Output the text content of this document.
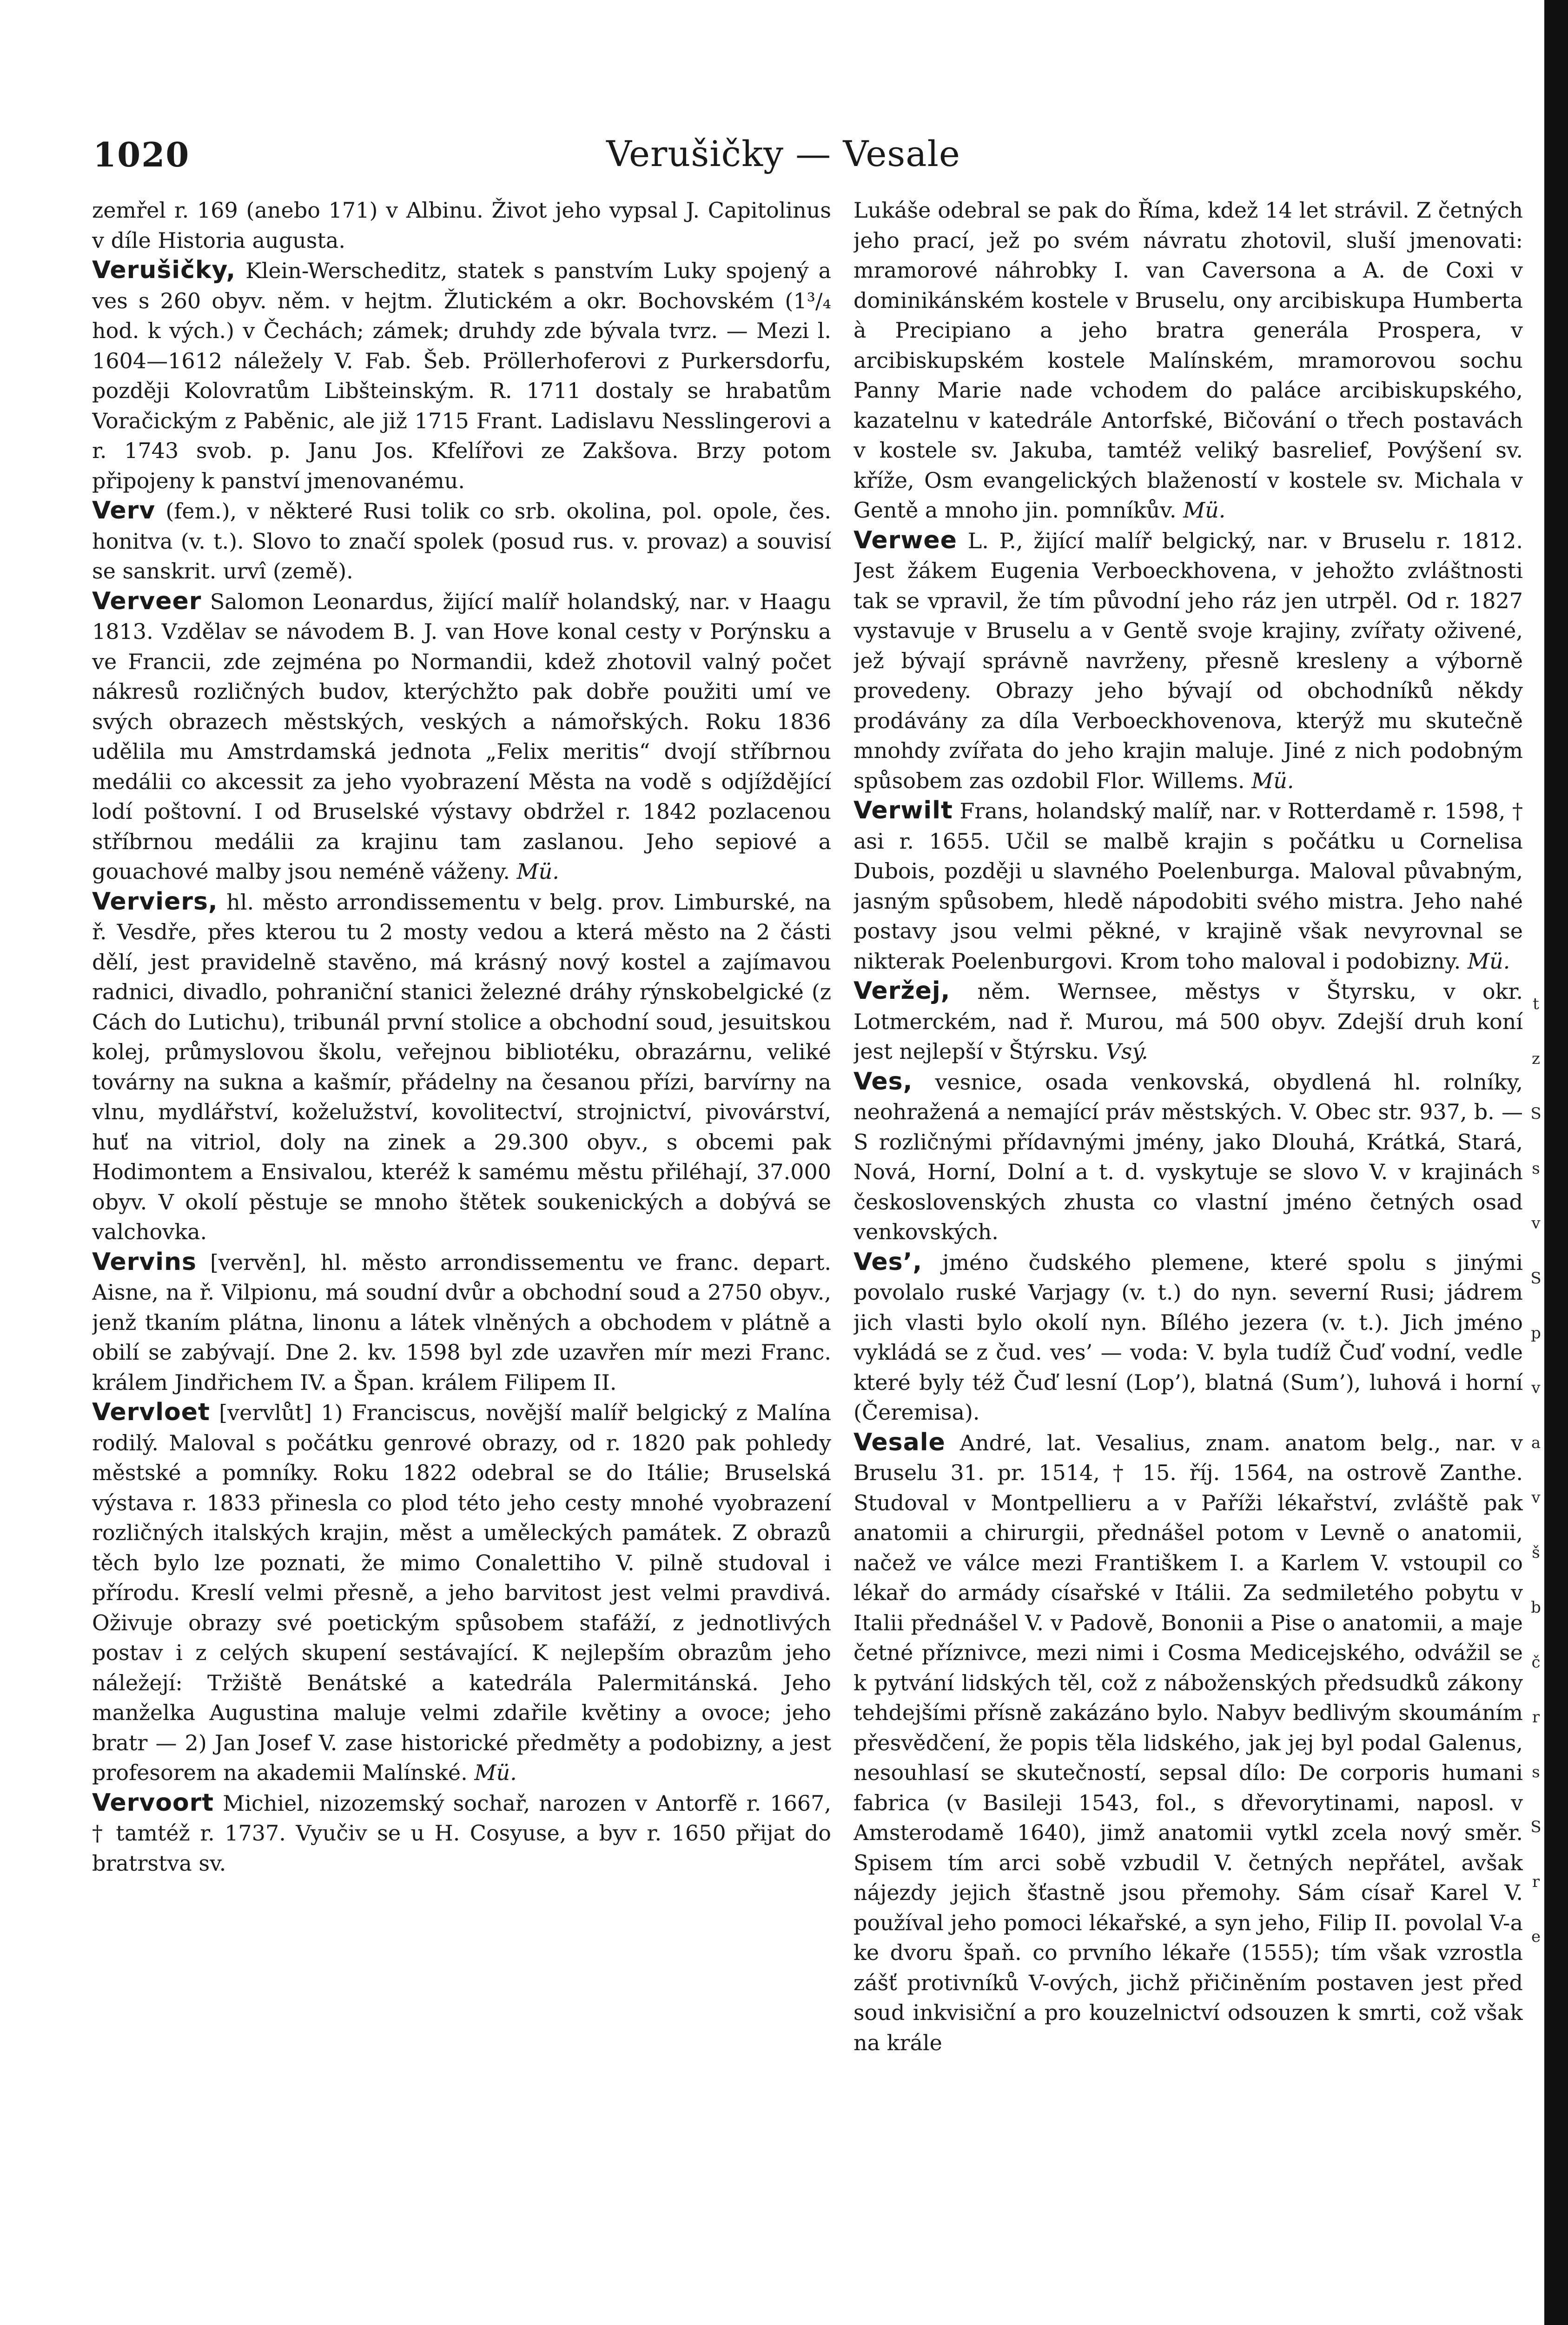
t
z
S
s
v
S
p
v
a
v
š
b
č
r
s
S
r
e
1020	Verušičky — Vesale

zemřel r. 169 (anebo 171) v Albinu. Život jeho vypsal J. Capitolinus v díle Historia augusta.

Verušičky, Klein-Werscheditz, statek s panstvím Luky spojený a ves s 260 obyv. něm. v hejtm. Žlutickém a okr. Bochovském (1³/₄ hod. k vých.) v Čechách; zámek; druhdy zde bývala tvrz. — Mezi l. 1604—1612 náležely V. Fab. Šeb. Pröllerhoferovi z Purkersdorfu, později Kolovratům Libšteinským. R. 1711 dostaly se hrabatům Voračickým z Paběnic, ale již 1715 Frant. Ladislavu Nesslingerovi a r. 1743 svob. p. Janu Jos. Kfelířovi ze Zakšova. Brzy potom připojeny k panství jmenovanému.

Verv (fem.), v některé Rusi tolik co srb. okolina, pol. opole, čes. honitva (v. t.). Slovo to značí spolek (posud rus. v. provaz) a souvisí se sanskrit. urvî (země).

Verveer Salomon Leonardus, žijící malíř holandský, nar. v Haagu 1813. Vzdělav se návodem B. J. van Hove konal cesty v Porýnsku a ve Francii, zde zejména po Normandii, kdež zhotovil valný počet nákresů rozličných budov, kterýchžto pak dobře použiti umí ve svých obrazech městských, veských a námořských. Roku 1836 udělila mu Amstrdamská jednota „Felix meritis“ dvojí stříbrnou medálii co akcessit za jeho vyobrazení Města na vodě s odjíždějící lodí poštovní. I od Bruselské výstavy obdržel r. 1842 pozlacenou stříbrnou medálii za krajinu tam zaslanou. Jeho sepiové a gouachové malby jsou neméně váženy. Mü.

Verviers, hl. město arrondissementu v belg. prov. Limburské, na ř. Vesdře, přes kterou tu 2 mosty vedou a která město na 2 části dělí, jest pravidelně stavěno, má krásný nový kostel a zajímavou radnici, divadlo, pohraniční stanici železné dráhy rýnskobelgické (z Cách do Lutichu), tribunál první stolice a obchodní soud, jesuitskou kolej, průmyslovou školu, veřejnou bibliotéku, obrazárnu, veliké továrny na sukna a kašmír, přádelny na česanou přízi, barvírny na vlnu, mydlářství, koželužství, kovolitectví, strojnictví, pivovárství, huť na vitriol, doly na zinek a 29.300 obyv., s obcemi pak Hodimontem a Ensivalou, kteréž k samému městu přiléhají, 37.000 obyv. V okolí pěstuje se mnoho štětek soukenických a dobývá se valchovka.

Vervins [vervěn], hl. město arrondissementu ve franc. depart. Aisne, na ř. Vilpionu, má soudní dvůr a obchodní soud a 2750 obyv., jenž tkaním plátna, linonu a látek vlněných a obchodem v plátně a obilí se zabývají. Dne 2. kv. 1598 byl zde uzavřen mír mezi Franc. králem Jindřichem IV. a Špan. králem Filipem II.

Vervloet [vervlůt] 1) Franciscus, novější malíř belgický z Malínа rodilý. Maloval s počátku genrové obrazy, od r. 1820 pak pohledy městské a pomníky. Roku 1822 odebral se do Itálie; Bruselská výstava r. 1833 přinesla co plod této jeho cesty mnohé vyobrazení rozličných italských krajin, měst a uměleckých památek. Z obrazů těch bylo lze poznati, že mimo Conalettiho V. pilně studoval i přírodu. Kreslí velmi přesně, a jeho barvitost jest velmi pravdivá. Oživuje obrazy své poetickým spůsobem stafáží, z jednotlivých postav i z celých skupení sestávající. K nejlepším obrazům jeho náležejí: Tržiště Benátské a katedrála Palermitánská. Jeho manželka Augustina maluje velmi zdařile květiny a ovoce; jeho bratr — 2) Jan Josef V. zase historické předměty a podobizny, a jest profesorem na akademii Malínské. Mü.

Vervoort Michiel, nizozemský sochař, narozen v Antorfě r. 1667, † tamtéž r. 1737. Vyučiv se u H. Cosyuse, a byv r. 1650 přijat do bratrstva sv.

Lukáše odebral se pak do Říma, kdež 14 let strávil. Z četných jeho prací, jež po svém návratu zhotovil, sluší jmenovati: mramorové náhrobky I. van Caversona a A. de Coxi v dominikánském kostele v Bruselu, ony arcibiskupa Humberta à Precipiano a jeho bratra generála Prospera, v arcibiskupském kostele Malínském, mramorovou sochu Panny Marie nade vchodem do paláce arcibiskupského, kazatelnu v katedrále Antorfské, Bičování o třech postavách v kostele sv. Jakuba, tamtéž veliký basrelief, Povýšení sv. kříže, Osm evangelických blažeností v kostele sv. Michala v Gentě a mnoho jin. pomníkův. Mü.

Verwee L. P., žijící malíř belgický, nar. v Bruselu r. 1812. Jest žákem Eugenia Verboeckhovena, v jehožto zvláštnosti tak se vpravil, že tím původní jeho ráz jen utrpěl. Od r. 1827 vystavuje v Bruselu a v Gentě svoje krajiny, zvířaty oživené, jež bývají správně navrženy, přesně kresleny a výborně provedeny. Obrazy jeho bývají od obchodníků někdy prodávány za díla Verboeckhovenova, kterýž mu skutečně mnohdy zvířata do jeho krajin maluje. Jiné z nich podobným spůsobem zas ozdobil Flor. Willems. Mü.

Verwilt Frans, holandský malíř, nar. v Rotterdamě r. 1598, † asi r. 1655. Učil se malbě krajin s počátku u Cornelisa Dubois, později u slavného Poelenburga. Maloval půvabným, jasným spůsobem, hledě nápodobiti svého mistra. Jeho nahé postavy jsou velmi pěkné, v krajině však nevyrovnal se nikterak Poelenburgovi. Krom toho maloval i podobizny. Mü.

Veržej, něm. Wernsee, městys v Štyrsku, v okr. Lotmerckém, nad ř. Murou, má 500 obyv. Zdejší druh koní jest nejlepší v Štýrsku. Vsý.

Ves, vesnice, osada venkovská, obydlená hl. rolníky, neohražená a nemající práv městských. V. Obec str. 937, b. — S rozličnými přídavnými jmény, jako Dlouhá, Krátká, Stará, Nová, Horní, Dolní a t. d. vyskytuje se slovo V. v krajinách československých zhusta co vlastní jméno četných osad venkovských.

Ves’, jméno čudského plemene, které spolu s jinými povolalo ruské Varjagy (v. t.) do nyn. severní Rusi; jádrem jich vlasti bylo okolí nyn. Bílého jezera (v. t.). Jich jméno vykládá se z čud. ves’ — voda: V. byla tudíž Čuď vodní, vedle které byly též Čuď lesní (Lop’), blatná (Sum’), luhová i horní (Čeremisa).

Vesale André, lat. Vesalius, znam. anatom belg., nar. v Bruselu 31. pr. 1514, † 15. říj. 1564, na ostrově Zanthe. Studoval v Montpellieru a v Paříži lékařství, zvláště pak anatomii a chirurgii, přednášel potom v Levně o anatomii, načež ve válce mezi Františkem I. a Karlem V. vstoupil co lékař do armády císařské v Itálii. Za sedmiletého pobytu v Italii přednášel V. v Padově, Bononii a Pise o anatomii, a maje četné příznivce, mezi nimi i Cosma Medicejského, odvážil se k pytvání lidských těl, což z náboženských předsudků zákony tehdejšími přísně zakázáno bylo. Nabyv bedlivým skoumáním přesvědčení, že popis těla lidského, jak jej byl podal Galenus, nesouhlasí se skutečností, sepsal dílo: De corporis humani fabrica (v Basileji 1543, fol., s dřevorytinami, naposl. v Amsterodamě 1640), jimž anatomii vytkl zcela nový směr. Spisem tím arci sobě vzbudil V. četných nepřátel, avšak nájezdy jejich šťastně jsou přemohy. Sám císař Karel V. používal jeho pomoci lékařské, a syn jeho, Filip II. povolal V-a ke dvoru špaň. co prvního lékaře (1555); tím však vzrostla zášť protivníků V-ových, jichž přičiněním postaven jest před soud inkvisiční a pro kouzelnictví odsouzen k smrti, což však na krále
